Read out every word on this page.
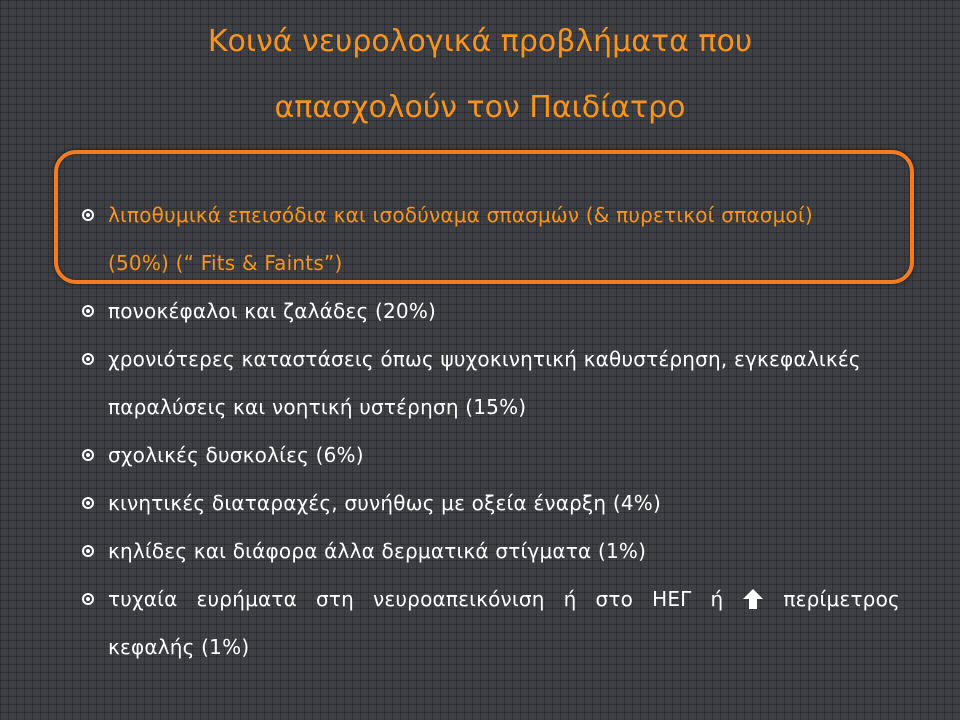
Κοινά νευρολογικά προβλήματα που
απασχολούν τον Παιδίατρο
λιποθυμικά επεισόδια και ισοδύναμα σπασμών (& πυρετικοί σπασμοί)
(50%) (“ Fits & Faints”)
πονοκέφαλοι και ζαλάδες (20%)
χρονιότερες καταστάσεις όπως ψυχοκινητική καθυστέρηση, εγκεφαλικές
παραλύσεις και νοητική υστέρηση (15%)
σχολικές δυσκολίες (6%)
κινητικές διαταραχές, συνήθως με οξεία έναρξη (4%)
κηλίδες και διάφορα άλλα δερματικά στίγματα (1%)
τυχαία ευρήματα στη νευροαπεικόνιση ή στο ΗΕΓ ή	περίμετρος
κεφαλής (1%)
